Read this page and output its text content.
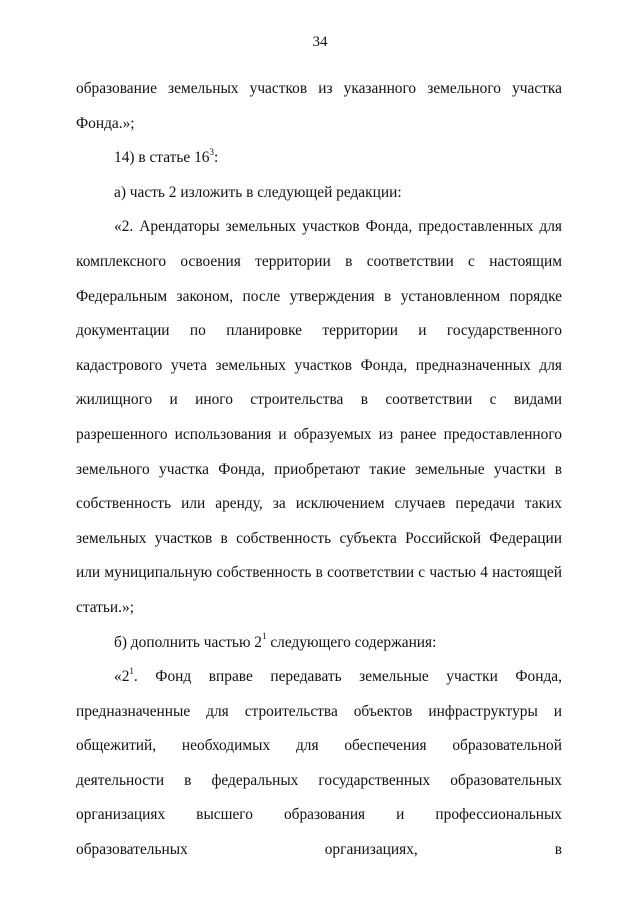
34

образование земельных участков из указанного земельного участка Фонда.»;

14) в статье $16^3$:

а) часть 2 изложить в следующей редакции:

«2. Арендаторы земельных участков Фонда, предоставленных для комплексного освоения территории в соответствии с настоящим Федеральным законом, после утверждения в установленном порядке документации по планировке территории и государственного кадастрового учета земельных участков Фонда, предназначенных для жилищного и иного строительства в соответствии с видами разрешенного использования и образуемых из ранее предоставленного земельного участка Фонда, приобретают такие земельные участки в собственность или аренду, за исключением случаев передачи таких земельных участков в собственность субъекта Российской Федерации или муниципальную собственность в соответствии с частью 4 настоящей статьи.»;

б) дополнить частью $2^1$ следующего содержания:

«$2^1$. Фонд вправе передавать земельные участки Фонда, предназначенные для строительства объектов инфраструктуры и общежитий, необходимых для обеспечения образовательной деятельности в федеральных государственных образовательных организациях высшего образования и профессиональных образовательных организациях, в
